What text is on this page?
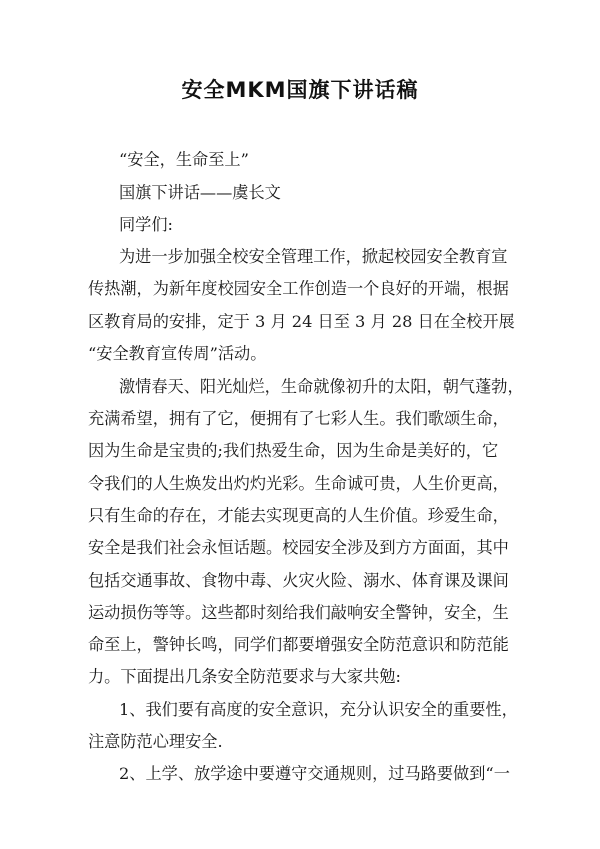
安全MKM国旗下讲话稿
“安全，生命至上”
国旗下讲话——虞长文
同学们:
为进一步加强全校安全管理工作，掀起校园安全教育宣
传热潮，为新年度校园安全工作创造一个良好的开端，根据
区教育局的安排，定于 3 月 24 日至 3 月 28 日在全校开展
“安全教育宣传周”活动。
激情春天、阳光灿烂，生命就像初升的太阳，朝气蓬勃，
充满希望，拥有了它，便拥有了七彩人生。我们歌颂生命，
因为生命是宝贵的;我们热爱生命，因为生命是美好的，它
令我们的人生焕发出灼灼光彩。生命诚可贵，人生价更高，
只有生命的存在，才能去实现更高的人生价值。珍爱生命，
安全是我们社会永恒话题。校园安全涉及到方方面面，其中
包括交通事故、食物中毒、火灾火险、溺水、体育课及课间
运动损伤等等。这些都时刻给我们敲响安全警钟，安全，生
命至上，警钟长鸣，同学们都要增强安全防范意识和防范能
力。下面提出几条安全防范要求与大家共勉:
1、我们要有高度的安全意识，充分认识安全的重要性，
注意防范心理安全.
2、上学、放学途中要遵守交通规则，过马路要做到“一
